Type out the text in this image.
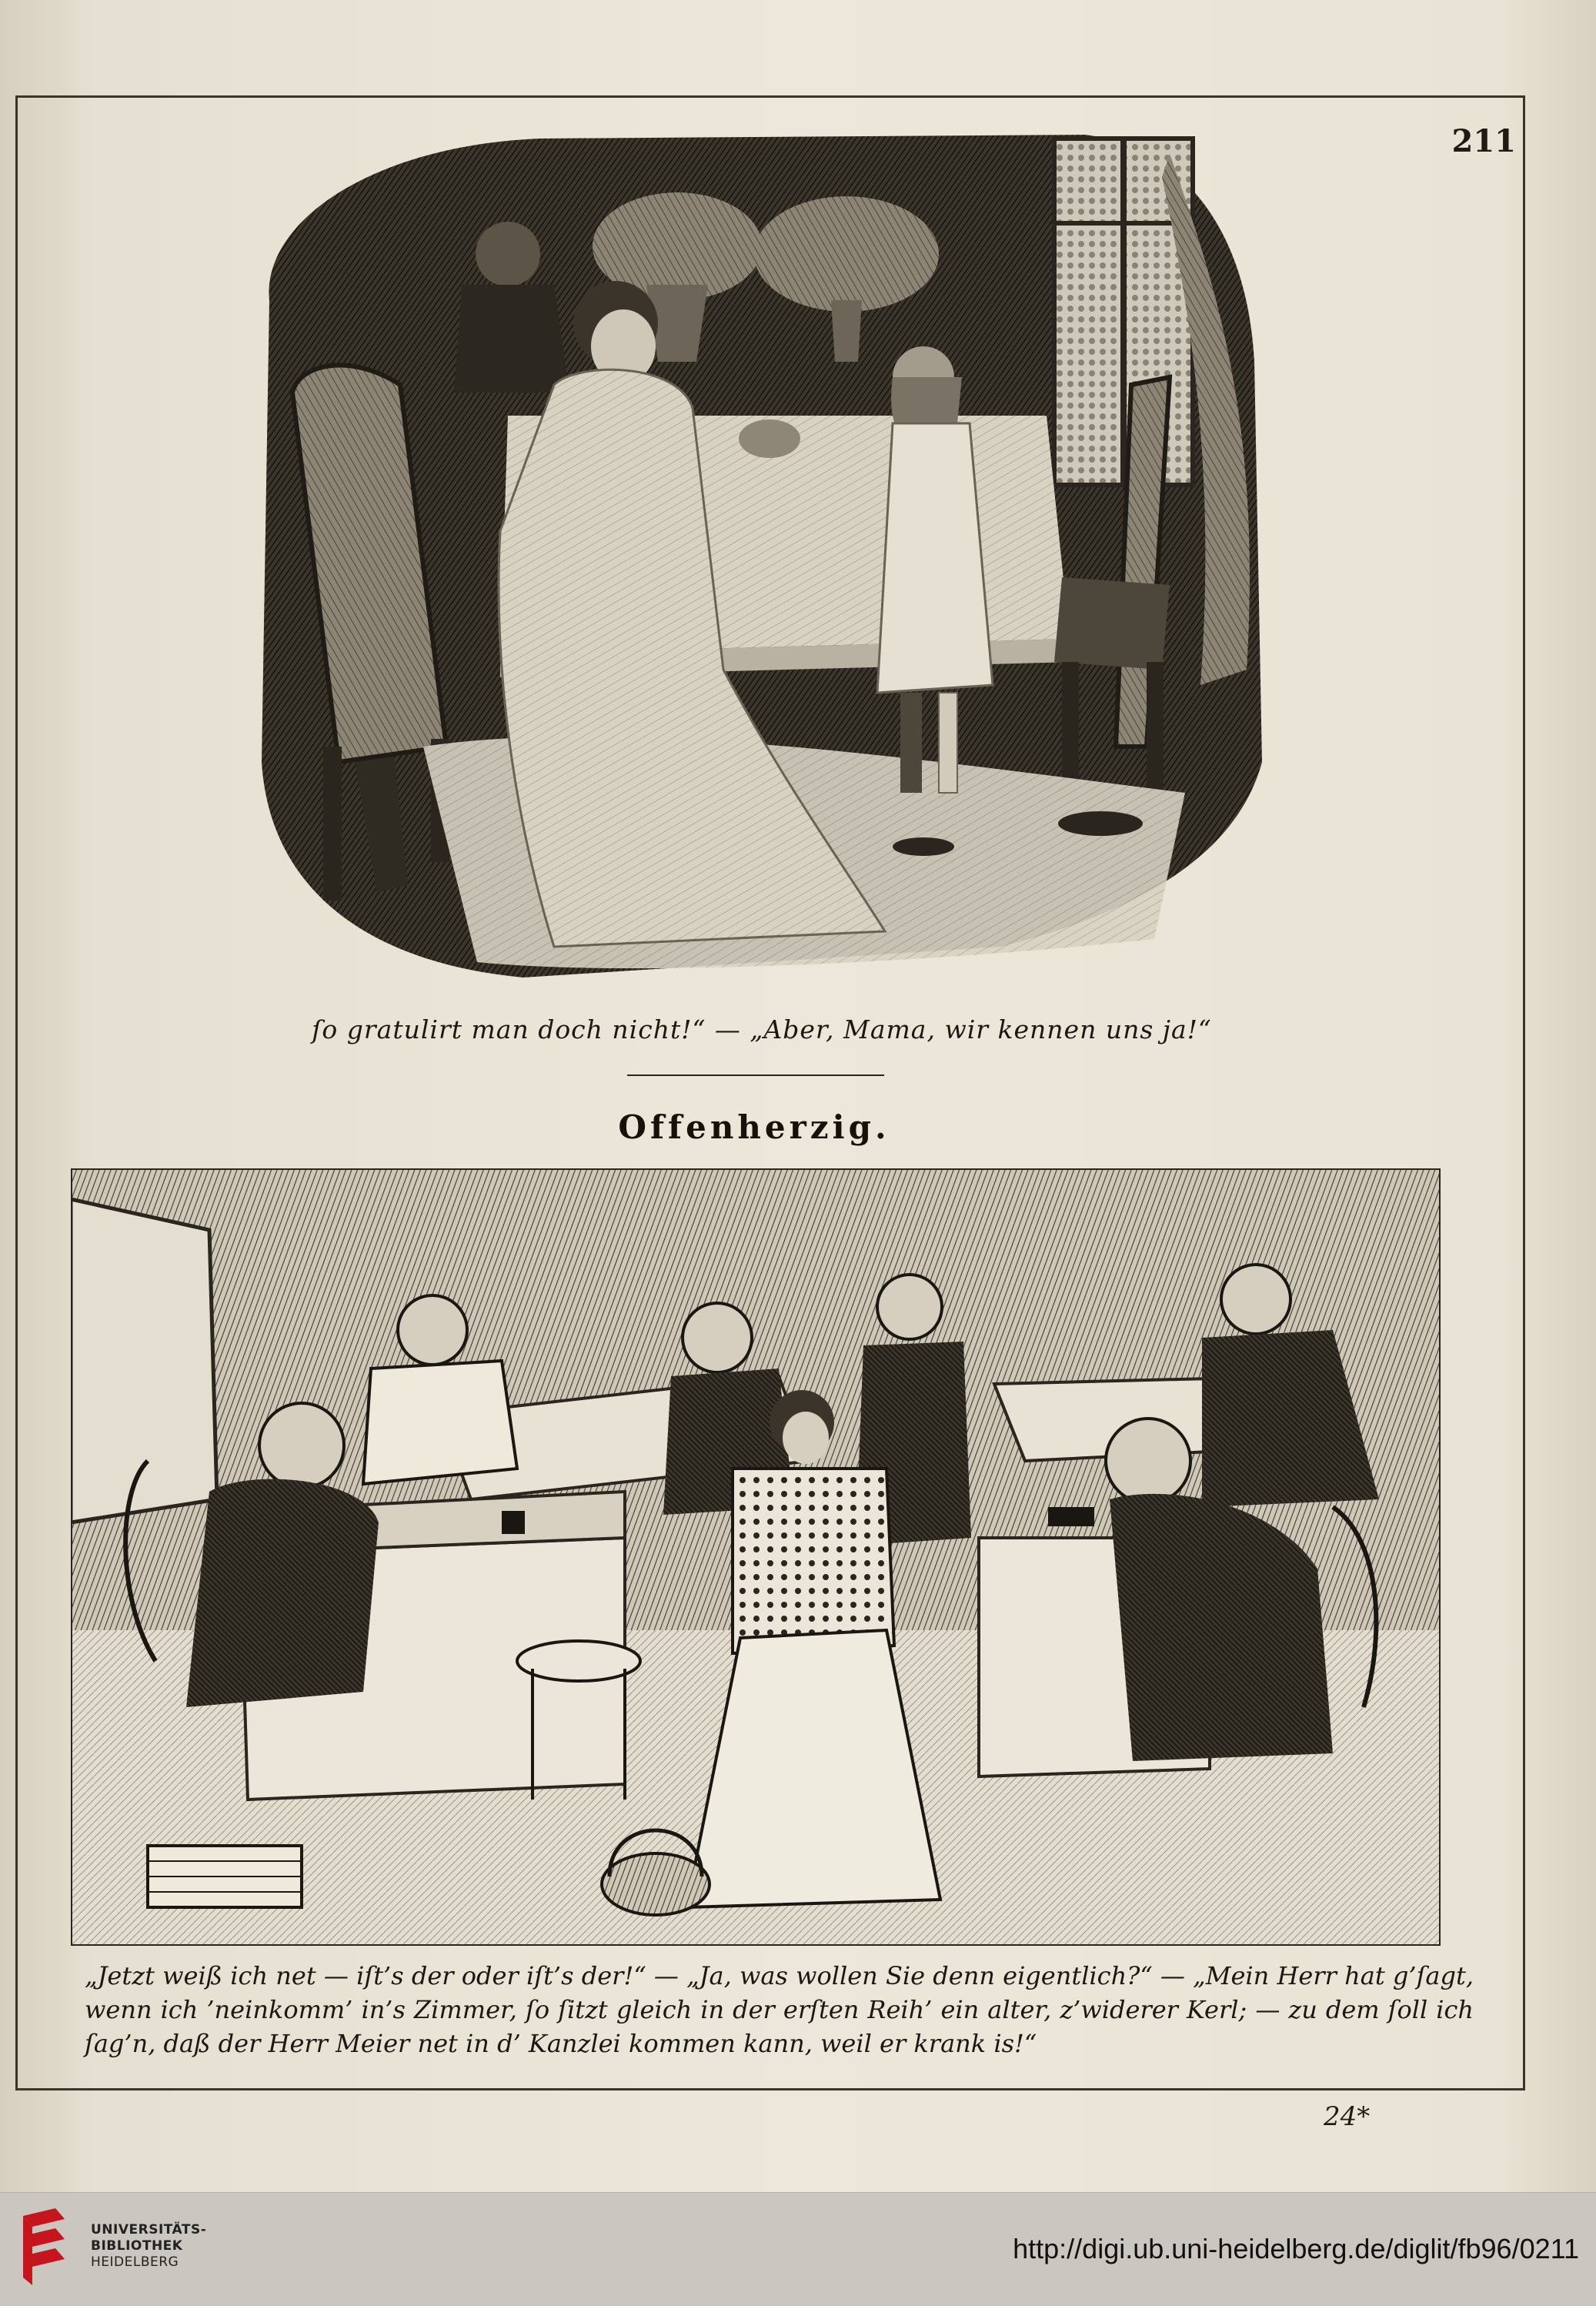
211
ſo gratulirt man doch nicht!“ — „Aber, Mama, wir kennen uns ja!“
Offenherzig.
„Jetzt weiß ich net — iſt’s der oder iſt’s der!“ — „Ja, was wollen Sie denn eigentlich?“ — „Mein Herr hat g’ſagt, wenn ich ’neinkomm’ in’s Zimmer, ſo ſitzt gleich in der erſten Reih’ ein alter, z’widerer Kerl; — zu dem ſoll ich ſag’n, daß der Herr Meier net in d’ Kanzlei kommen kann, weil er krank is!“
24*
UNIVERSITÄTS-
BIBLIOTHEK
HEIDELBERG	http://digi.ub.uni-heidelberg.de/diglit/fb96/0211
